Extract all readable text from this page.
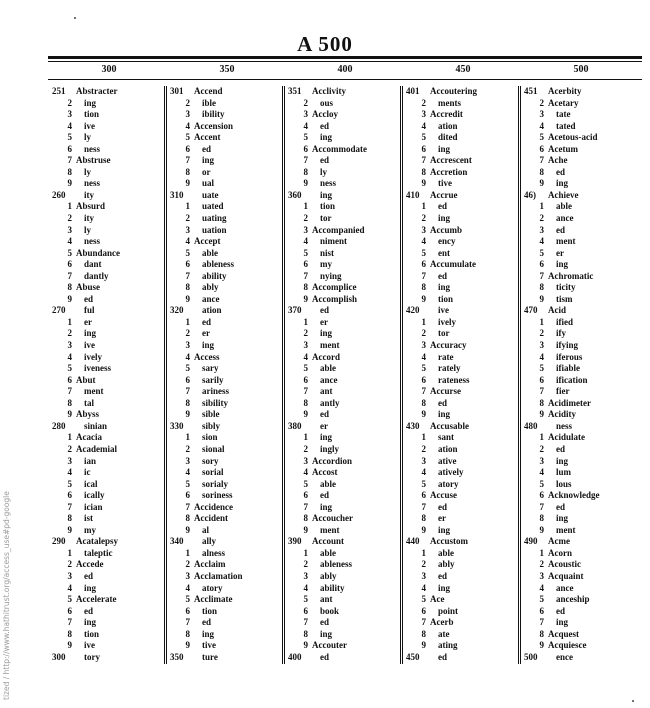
A 500
300	350	400	450	500
251	Abstracter
2	ing
3	tion
4	ive
5	ly
6	ness
7 Abstruse
8	ly
9	ness
260	ity
1 Absurd
2	ity
3	ly
4	ness
5 Abundance
6	dant
7	dantly
8 Abuse
9	ed
270	ful
1	er
2	ing
3	ive
4	ively
5	iveness
6 Abut
7	ment
8	tal
9 Abyss
280	sinian
1 Acacia
2 Academial
3	ian
4	ic
5	ical
6	ically
7	ician
8	ist
9	my
290	Acatalepsy
1	taleptic
2 Accede
3	ed
4	ing
5 Accelerate
6	ed
7	ing
8	tion
9	ive
300	tory
301	Accend
2	ible
3	ibility
4 Accension
5 Accent
6	ed
7	ing
8	or
9	ual
310	uate
1	uated
2	uating
3	uation
4 Accept
5	able
6	ableness
7	ability
8	ably
9	ance
320	ation
1	ed
2	er
3	ing
4 Access
5	sary
6	sarily
7	ariness
8	sibility
9	sible
330	sibly
1	sion
2	sional
3	sory
4	sorial
5	sorialy
6	soriness
7 Accidence
8 Accident
9	al
340	ally
1	alness
2 Acclaim
3 Acclamation
4	atory
5 Acclimate
6	tion
7	ed
8	ing
9	tive
350	ture
351	Acclivity
2	ous
3 Accloy
4	ed
5	ing
6 Accommodate
7	ed
8	ly
9	ness
360	ing
1	tion
2	tor
3 Accompanied
4	niment
5	nist
6	my
7	nying
8 Accomplice
9 Accomplish
370	ed
1	er
2	ing
3	ment
4 Accord
5	able
6	ance
7	ant
8	antly
9	ed
380	er
1	ing
2	ingly
3 Accordion
4 Accost
5	able
6	ed
7	ing
8 Accoucher
9	ment
390	Account
1	able
2	ableness
3	ably
4	ability
5	ant
6	book
7	ed
8	ing
9 Accouter
400	ed
401	Accoutering
2	ments
3 Accredit
4	ation
5	dited
6	ing
7 Accrescent
8 Accretion
9	tive
410	Accrue
1	ed
2	ing
3 Accumb
4	ency
5	ent
6 Accumulate
7	ed
8	ing
9	tion
420	ive
1	ively
2	tor
3 Accuracy
4	rate
5	rately
6	rateness
7 Accurse
8	ed
9	ing
430	Accusable
1	sant
2	ation
3	ative
4	atively
5	atory
6 Accuse
7	ed
8	er
9	ing
440	Accustom
1	able
2	ably
3	ed
4	ing
5 Ace
6	point
7 Acerb
8	ate
9	ating
450	ed
451	Acerbity
2 Acetary
3	tate
4	tated
5 Acetous-acid
6 Acetum
7 Ache
8	ed
9	ing
46)	Achieve
1	able
2	ance
3	ed
4	ment
5	er
6	ing
7 Achromatic
8	ticity
9	tism
470	Acid
1	ified
2	ify
3	ifying
4	iferous
5	ifiable
6	ification
7	fier
8 Acidimeter
9 Acidity
480	ness
1 Acidulate
2	ed
3	ing
4	lum
5	lous
6 Acknowledge
7	ed
8	ing
9	ment
490	Acme
1 Acorn
2 Acoustic
3 Acquaint
4	ance
5	anceship
6	ed
7	ing
8 Acquest
9 Acquiesce
500	ence
tized / http://www.hathitrust.org/access_use#pd-google
